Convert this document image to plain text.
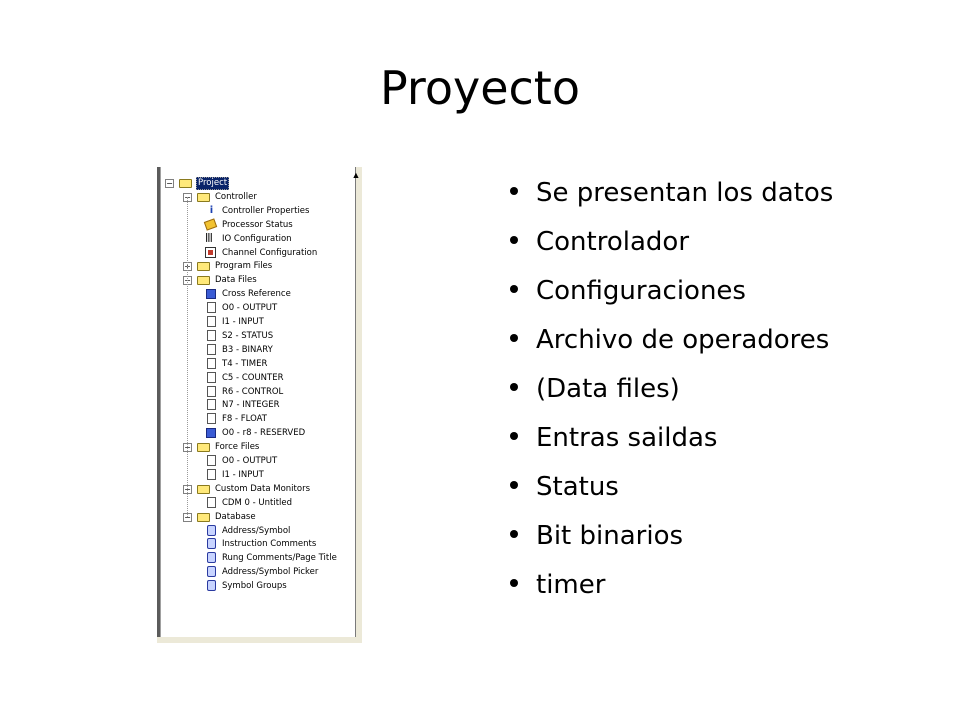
Proyecto
▲
−	Project
−	Controller
i	Controller Properties
Processor Status
|||	IO Configuration
Channel Configuration
+	Program Files
−	Data Files
Cross Reference
O0 - OUTPUT
I1 - INPUT
S2 - STATUS
B3 - BINARY
T4 - TIMER
C5 - COUNTER
R6 - CONTROL
N7 - INTEGER
F8 - FLOAT
O0 - r8 - RESERVED
−	Force Files
O0 - OUTPUT
I1 - INPUT
−	Custom Data Monitors
CDM 0 - Untitled
−	Database
Address/Symbol
Instruction Comments
Rung Comments/Page Title
Address/Symbol Picker
Symbol Groups
Se presentan los datos
Controlador
Configuraciones
Archivo de operadores
(Data files)
Entras saildas
Status
Bit binarios
timer
